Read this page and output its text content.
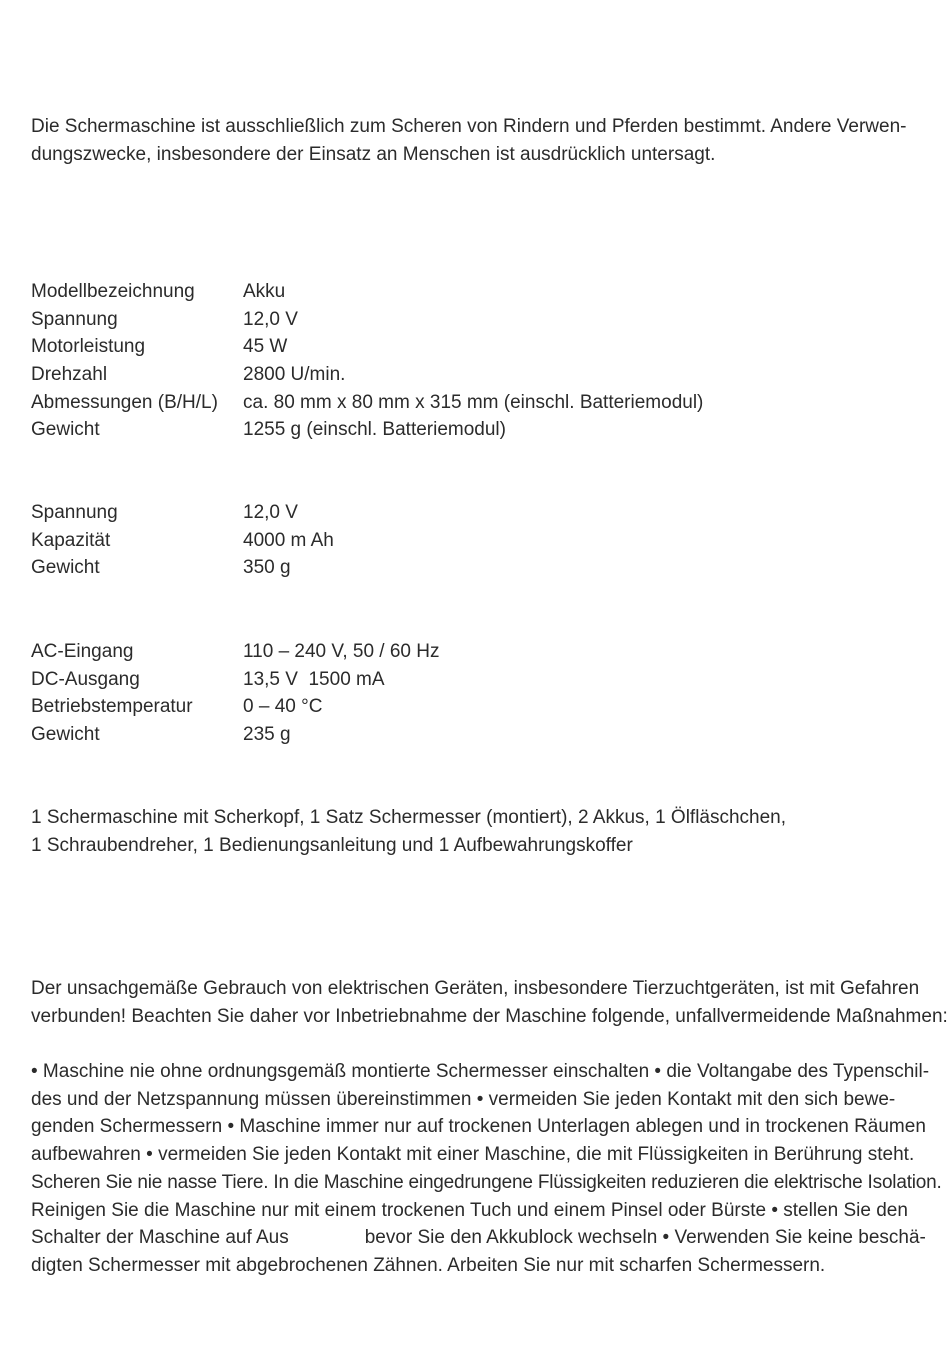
Die Schermaschine ist ausschließlich zum Scheren von Rindern und Pferden bestimmt. Andere Verwen-
dungszwecke, insbesondere der Einsatz an Menschen ist ausdrücklich untersagt.
Modellbezeichnung	Akku
Spannung	12,0 V
Motorleistung	45 W
Drehzahl	2800 U/min.
Abmessungen (B/H/L)	ca. 80 mm x 80 mm x 315 mm (einschl. Batteriemodul)
Gewicht	1255 g (einschl. Batteriemodul)
Spannung	12,0 V
Kapazität	4000 m Ah
Gewicht	350 g
AC-Eingang	110 – 240 V, 50 / 60 Hz
DC-Ausgang	13,5 V  1500 mA
Betriebstemperatur	0 – 40 °C
Gewicht	235 g
1 Schermaschine mit Scherkopf, 1 Satz Schermesser (montiert), 2 Akkus, 1 Ölfläschchen,
1 Schraubendreher, 1 Bedienungsanleitung und 1 Aufbewahrungskoffer
Der unsachgemäße Gebrauch von elektrischen Geräten, insbesondere Tierzuchtgeräten, ist mit Gefahren
verbunden! Beachten Sie daher vor Inbetriebnahme der Maschine folgende, unfallvermeidende Maßnahmen:
• Maschine nie ohne ordnungsgemäß montierte Schermesser einschalten • die Voltangabe des Typenschil-
des und der Netzspannung müssen übereinstimmen • vermeiden Sie jeden Kontakt mit den sich bewe-
genden Schermessern • Maschine immer nur auf trockenen Unterlagen ablegen und in trockenen Räumen
aufbewahren • vermeiden Sie jeden Kontakt mit einer Maschine, die mit Flüssigkeiten in Berührung steht.
Scheren Sie nie nasse Tiere. In die Maschine eingedrungene Flüssigkeiten reduzieren die elektrische Isolation.
Reinigen Sie die Maschine nur mit einem trockenen Tuch und einem Pinsel oder Bürste • stellen Sie den
Schalter der Maschine auf Aus	bevor Sie den Akkublock wechseln • Verwenden Sie keine beschä-
digten Schermesser mit abgebrochenen Zähnen. Arbeiten Sie nur mit scharfen Schermessern.
